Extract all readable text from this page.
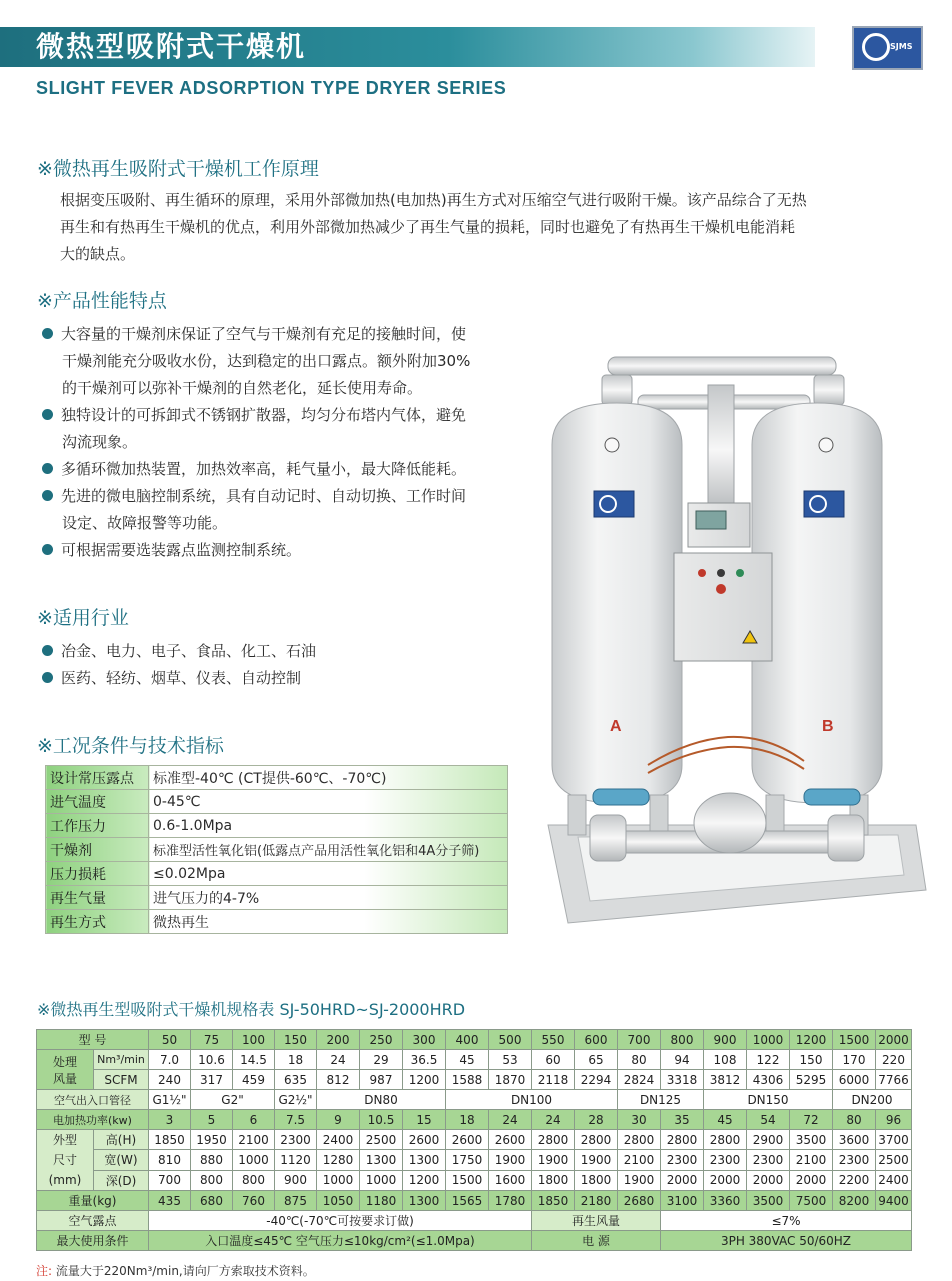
微热型吸附式干燥机
SLIGHT FEVER ADSORPTION TYPE DRYER SERIES
SJMS
※微热再生吸附式干燥机工作原理
根据变压吸附、再生循环的原理，采用外部微加热(电加热)再生方式对压缩空气进行吸附干燥。该产品综合了无热
再生和有热再生干燥机的优点，利用外部微加热减少了再生气量的损耗，同时也避免了有热再生干燥机电能消耗
大的缺点。
※产品性能特点
大容量的干燥剂床保证了空气与干燥剂有充足的接触时间，使
干燥剂能充分吸收水份，达到稳定的出口露点。额外附加30%
的干燥剂可以弥补干燥剂的自然老化，延长使用寿命。
独特设计的可拆卸式不锈钢扩散器，均匀分布塔内气体，避免
沟流现象。
多循环微加热装置，加热效率高，耗气量小，最大降低能耗。
先进的微电脑控制系统，具有自动记时、自动切换、工作时间
设定、故障报警等功能。
可根据需要选装露点监测控制系统。
※适用行业
冶金、电力、电子、食品、化工、石油
医药、轻纺、烟草、仪表、自动控制
※工况条件与技术指标
设计常压露点	标准型-40℃ (CT提供-60℃、-70℃)
进气温度	0-45℃
工作压力	0.6-1.0Mpa
干燥剂	标准型活性氧化铝(低露点产品用活性氧化铝和4A分子筛)
压力损耗	≤0.02Mpa
再生气量	进气压力的4-7%
再生方式	微热再生
A	B
※微热再生型吸附式干燥机规格表 SJ-50HRD~SJ-2000HRD
型 号		50	75	100	150	200	250	300	400	500	550	600	700	800	900	1000	1200	1500	2000
处理
风量	Nm³/min	7.0	10.6	14.5	18	24	29	36.5	45	53	60	65	80	94	108	122	150	170	220
	SCFM	240	317	459	635	812	987	1200	1588	1870	2118	2294	2824	3318	3812	4306	5295	6000	7766
空气出入口管径		G1½"	G2"		G2½"	DN80			DN100				DN125		DN150			DN200	
电加热功率(kw)		3	5	6	7.5	9	10.5	15	18	24	24	28	30	35	45	54	72	80	96
外型
尺寸
(mm)	高(H)	1850	1950	2100	2300	2400	2500	2600	2600	2600	2800	2800	2800	2800	2800	2900	3500	3600	3700
	宽(W)	810	880	1000	1120	1280	1300	1300	1750	1900	1900	1900	2100	2300	2300	2300	2100	2300	2500
	深(D)	700	800	800	900	1000	1000	1200	1500	1600	1800	1800	1900	2000	2000	2000	2000	2200	2400
重量(kg)		435	680	760	875	1050	1180	1300	1565	1780	1850	2180	2680	3100	3360	3500	7500	8200	9400
空气露点		-40℃(-70℃可按要求订做)									再生风量			≤7%					
最大使用条件		入口温度≤45℃ 空气压力≤10kg/cm²(≤1.0Mpa)									电 源			3PH 380VAC 50/60HZ					
注: 流量大于220Nm³/min,请向厂方索取技术资料。
